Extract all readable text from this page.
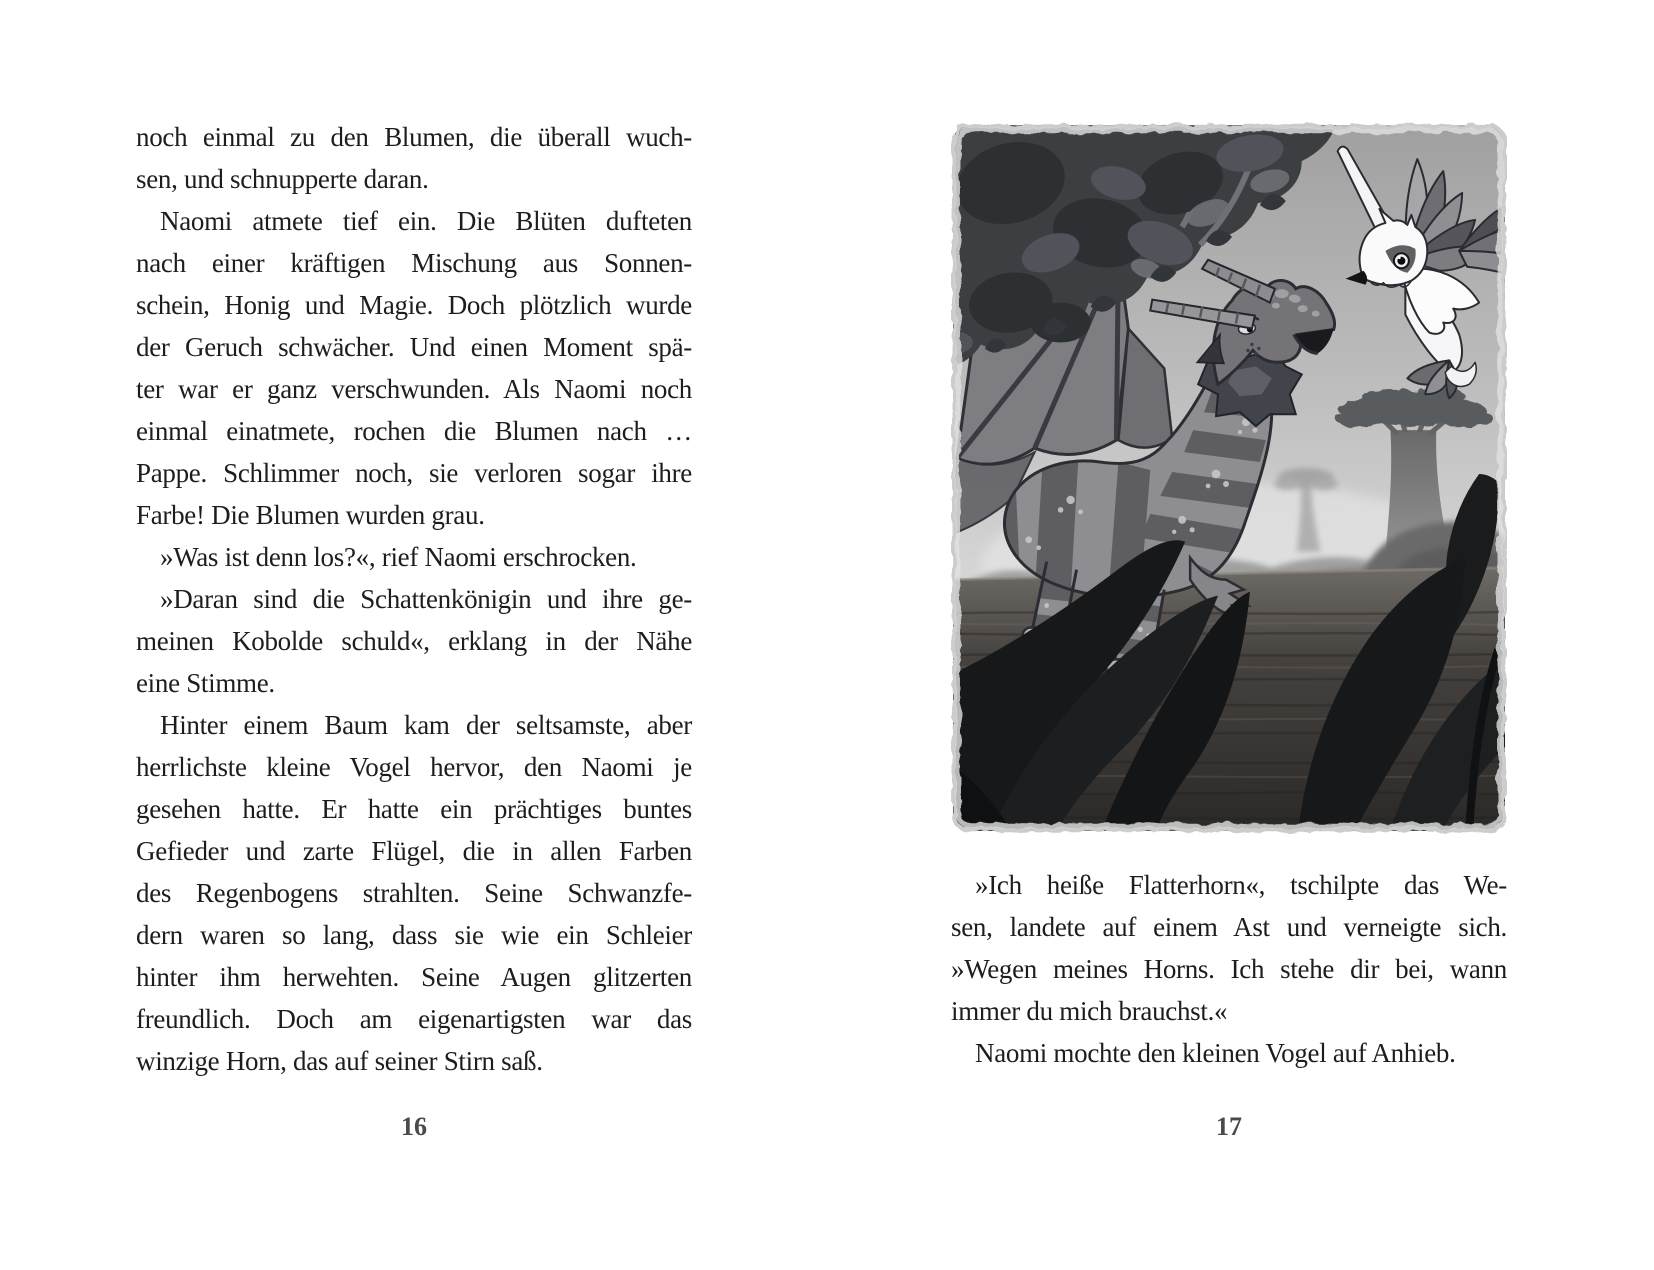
noch einmal zu den Blumen, die überall wuch-
sen, und schnupperte daran.
Naomi atmete tief ein. Die Blüten dufteten
nach einer kräftigen Mischung aus Sonnen-
schein, Honig und Magie. Doch plötzlich wurde
der Geruch schwächer. Und einen Moment spä-
ter war er ganz verschwunden. Als Naomi noch
einmal einatmete, rochen die Blumen nach …
Pappe. Schlimmer noch, sie verloren sogar ihre
Farbe! Die Blumen wurden grau.
»Was ist denn los?«, rief Naomi erschrocken.
»Daran sind die Schattenkönigin und ihre ge-
meinen Kobolde schuld«, erklang in der Nähe
eine Stimme.
Hinter einem Baum kam der seltsamste, aber
herrlichste kleine Vogel hervor, den Naomi je
gesehen hatte. Er hatte ein prächtiges buntes
Gefieder und zarte Flügel, die in allen Farben
des Regenbogens strahlten. Seine Schwanzfe-
dern waren so lang, dass sie wie ein Schleier
hinter ihm herwehten. Seine Augen glitzerten
freundlich. Doch am eigenartigsten war das
winzige Horn, das auf seiner Stirn saß.
16
»Ich heiße Flatterhorn«, tschilpte das We-
sen, landete auf einem Ast und verneigte sich.
»Wegen meines Horns. Ich stehe dir bei, wann
immer du mich brauchst.«
Naomi mochte den kleinen Vogel auf Anhieb.
17
